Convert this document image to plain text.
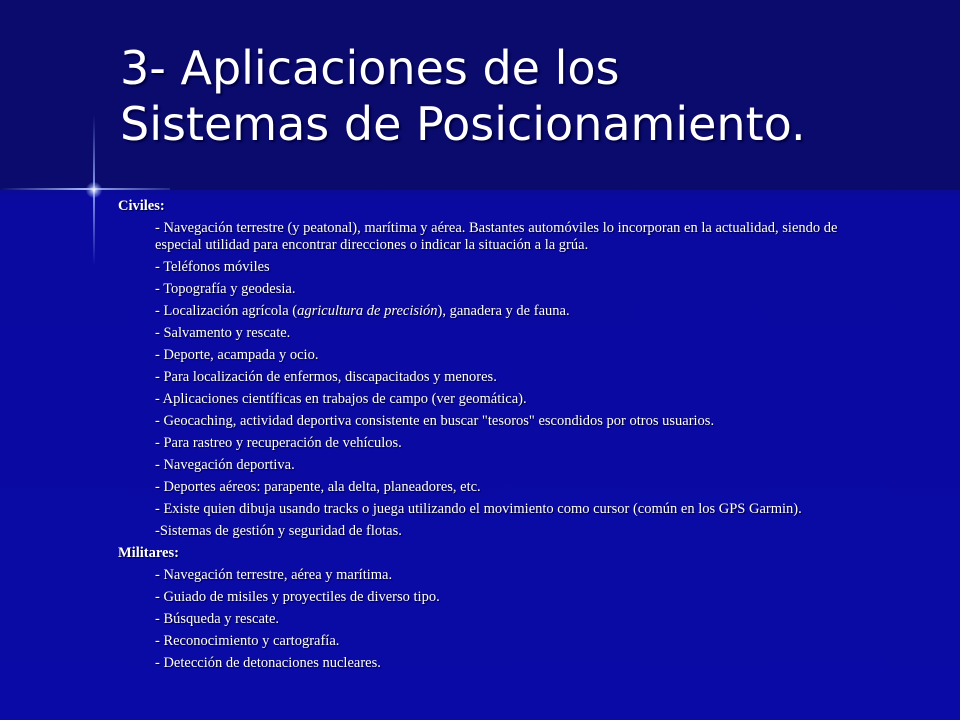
3- Aplicaciones de los
Sistemas de Posicionamiento.
Civiles:
- Navegación terrestre (y peatonal), marítima y aérea. Bastantes automóviles lo incorporan en la actualidad, siendo de especial utilidad para encontrar direcciones o indicar la situación a la grúa.
- Teléfonos móviles
- Topografía y geodesia.
- Localización agrícola (agricultura de precisión), ganadera y de fauna.
- Salvamento y rescate.
- Deporte, acampada y ocio.
- Para localización de enfermos, discapacitados y menores.
- Aplicaciones científicas en trabajos de campo (ver geomática).
- Geocaching, actividad deportiva consistente en buscar "tesoros" escondidos por otros usuarios.
- Para rastreo y recuperación de vehículos.
- Navegación deportiva.
- Deportes aéreos: parapente, ala delta, planeadores, etc.
- Existe quien dibuja usando tracks o juega utilizando el movimiento como cursor (común en los GPS Garmin).
-Sistemas de gestión y seguridad de flotas.
Militares:
- Navegación terrestre, aérea y marítima.
- Guiado de misiles y proyectiles de diverso tipo.
- Búsqueda y rescate.
- Reconocimiento y cartografía.
- Detección de detonaciones nucleares.
